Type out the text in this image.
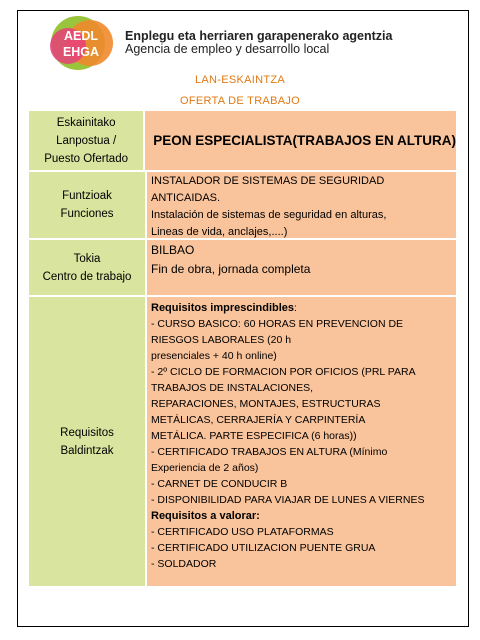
AEDL
EHGA
Enplegu eta herriaren garapenerako agentzia
Agencia de empleo y desarrollo local
LAN-ESKAINTZA
OFERTA DE TRABAJO
Eskainitako
Lanpostua /
Puesto Ofertado
PEON ESPECIALISTA(TRABAJOS EN ALTURA)
Funtzioak
Funciones
INSTALADOR DE SISTEMAS DE SEGURIDAD
ANTICAIDAS.
Instalación de sistemas de seguridad en alturas,
Lineas de vida, anclajes,....)
Tokia
Centro de trabajo
BILBAO
Fin de obra, jornada completa
Requisitos
Baldintzak
Requisitos imprescindibles:
- CURSO BASICO: 60 HORAS EN PREVENCION DE
RIESGOS LABORALES (20 h
presenciales + 40 h online)
- 2º CICLO DE FORMACION POR OFICIOS (PRL PARA
TRABAJOS DE INSTALACIONES,
REPARACIONES, MONTAJES, ESTRUCTURAS
METÁLICAS, CERRAJERÍA Y CARPINTERÍA
METÁLICA. PARTE ESPECIFICA (6 horas))
- CERTIFICADO TRABAJOS EN ALTURA (Mínimo
Experiencia de 2 años)
- CARNET DE CONDUCIR B
- DISPONIBILIDAD PARA VIAJAR DE LUNES A VIERNES
Requisitos a valorar:
- CERTIFICADO USO PLATAFORMAS
- CERTIFICADO UTILIZACION PUENTE GRUA
- SOLDADOR
